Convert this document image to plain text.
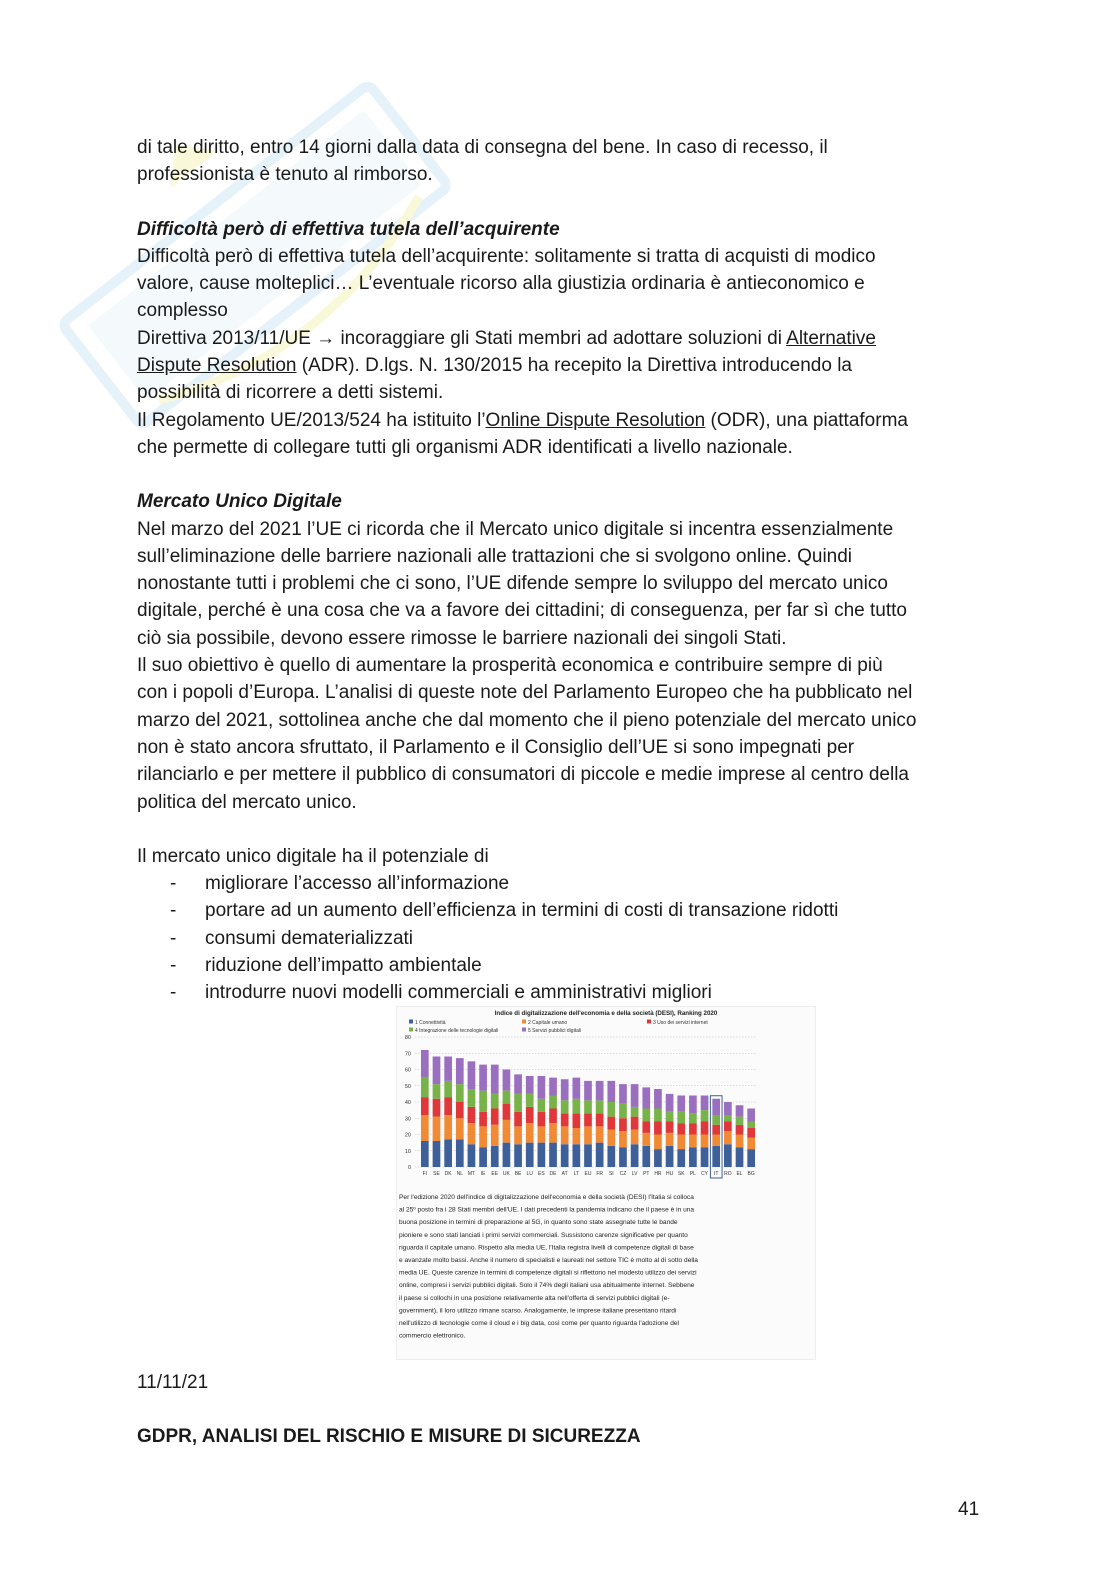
di tale diritto, entro 14 giorni dalla data di consegna del bene. In caso di recesso, il

professionista è tenuto al rimborso.

Difficoltà però di effettiva tutela dell’acquirente

Difficoltà però di effettiva tutela dell’acquirente: solitamente si tratta di acquisti di modico

valore, cause molteplici… L’eventuale ricorso alla giustizia ordinaria è antieconomico e

complesso

Direttiva 2013/11/UE → incoraggiare gli Stati membri ad adottare soluzioni di Alternative

Dispute Resolution (ADR). D.lgs. N. 130/2015 ha recepito la Direttiva introducendo la

possibilità di ricorrere a detti sistemi.

Il Regolamento UE/2013/524 ha istituito l’Online Dispute Resolution (ODR), una piattaforma

che permette di collegare tutti gli organismi ADR identificati a livello nazionale.

Mercato Unico Digitale

Nel marzo del 2021 l’UE ci ricorda che il Mercato unico digitale si incentra essenzialmente

sull’eliminazione delle barriere nazionali alle trattazioni che si svolgono online. Quindi

nonostante tutti i problemi che ci sono, l’UE difende sempre lo sviluppo del mercato unico

digitale, perché è una cosa che va a favore dei cittadini; di conseguenza, per far sì che tutto

ciò sia possibile, devono essere rimosse le barriere nazionali dei singoli Stati.

Il suo obiettivo è quello di aumentare la prosperità economica e contribuire sempre di più

con i popoli d’Europa. L’analisi di queste note del Parlamento Europeo che ha pubblicato nel

marzo del 2021, sottolinea anche che dal momento che il pieno potenziale del mercato unico

non è stato ancora sfruttato, il Parlamento e il Consiglio dell’UE si sono impegnati per

rilanciarlo e per mettere il pubblico di consumatori di piccole e medie imprese al centro della

politica del mercato unico.

Il mercato unico digitale ha il potenziale di

- migliorare l’accesso all’informazione
- portare ad un aumento dell’efficienza in termini di costi di transazione ridotti
- consumi dematerializzati
- riduzione dell’impatto ambientale
- introdurre nuovi modelli commerciali e amministrativi migliori
Indice di digitalizzazione dell'economia e della società (DESI), Ranking 2020
1 Connettività	2 Capitale umano	3 Uso dei servizi internet
4 Integrazione delle tecnologie digitali	5 Servizi pubblici digitali
0
10
20
30
40
50
60
70
80
FI SE DK NL MT IE EE UK BE LU ES DE AT LT EU FR SI CZ LV PT HR HU SK PL CY IT RO EL BG
Per l'edizione 2020 dell'indice di digitalizzazione dell'economia e della società (DESI) l'Italia si colloca
al 25º posto fra i 28 Stati membri dell'UE. I dati precedenti la pandemia indicano che il paese è in una
buona posizione in termini di preparazione al 5G, in quanto sono state assegnate tutte le bande
pioniere e sono stati lanciati i primi servizi commerciali. Sussistono carenze significative per quanto
riguarda il capitale umano. Rispetto alla media UE, l'Italia registra livelli di competenze digitali di base
e avanzate molto bassi. Anche il numero di specialisti e laureati nel settore TIC è molto al di sotto della
media UE. Queste carenze in termini di competenze digitali si riflettono nel modesto utilizzo dei servizi
online, compresi i servizi pubblici digitali. Solo il 74% degli italiani usa abitualmente internet. Sebbene
il paese si collochi in una posizione relativamente alta nell'offerta di servizi pubblici digitali (e-
government), il loro utilizzo rimane scarso. Analogamente, le imprese italiane presentano ritardi
nell'utilizzo di tecnologie come il cloud e i big data, così come per quanto riguarda l'adozione del
commercio elettronico.
11/11/21
GDPR, ANALISI DEL RISCHIO E MISURE DI SICUREZZA
41
